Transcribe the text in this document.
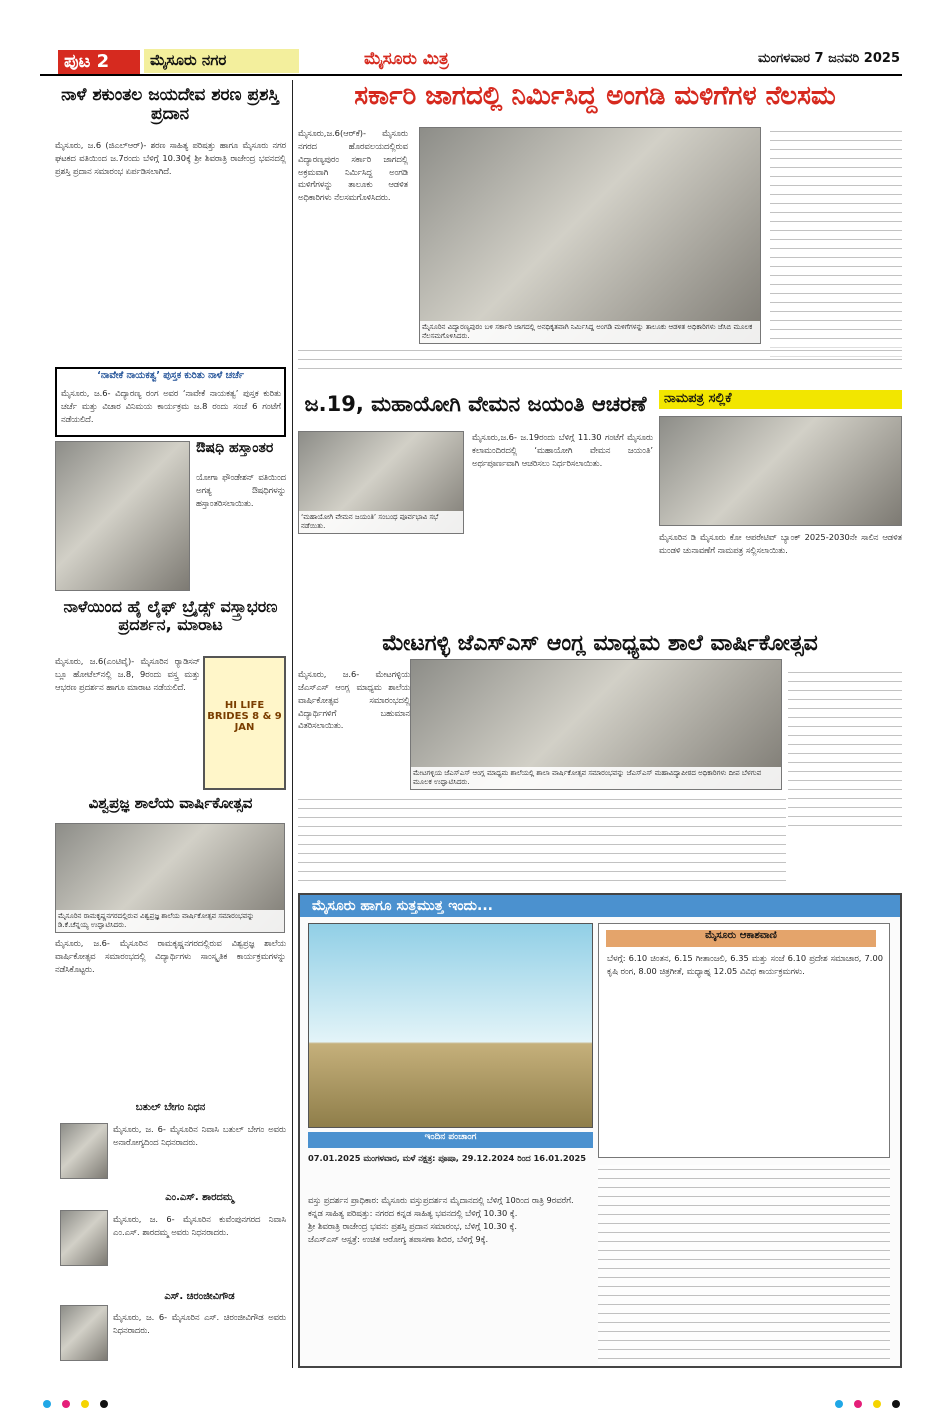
ಪುಟ 2	ಮೈಸೂರು ನಗರ	ಮೈಸೂರು ಮಿತ್ರ	ಮಂಗಳವಾರ 7 ಜನವರಿ 2025
ನಾಳೆ ಶಕುಂತಲ ಜಯದೇವ ಶರಣ ಪ್ರಶಸ್ತಿ ಪ್ರದಾನ
ಮೈಸೂರು, ಜ.6 (ಜಿಎಲ್‌ಆರ್)- ಶರಣ ಸಾಹಿತ್ಯ ಪರಿಷತ್ತು ಹಾಗೂ ಮೈಸೂರು ನಗರ ಘಟಕದ ವತಿಯಿಂದ ಜ.7ರಂದು ಬೆಳಿಗ್ಗೆ 10.30ಕ್ಕೆ ಶ್ರೀ ಶಿವರಾತ್ರಿ ರಾಜೇಂದ್ರ ಭವನದಲ್ಲಿ ಪ್ರಶಸ್ತಿ ಪ್ರದಾನ ಸಮಾರಂಭ ಏರ್ಪಡಿಸಲಾಗಿದೆ.
‘ನಾವೇಕೆ ನಾಯಕತ್ವ’ ಪುಸ್ತಕ ಕುರಿತು ನಾಳೆ ಚರ್ಚೆ
ಮೈಸೂರು, ಜ.6- ವಿದ್ಯಾರಣ್ಯ ರಂಗ ಅವರ ‘ನಾವೇಕೆ ನಾಯಕತ್ವ’ ಪುಸ್ತಕ ಕುರಿತು ಚರ್ಚೆ ಮತ್ತು ವಿಚಾರ ವಿನಿಮಯ ಕಾರ್ಯಕ್ರಮ ಜ.8 ರಂದು ಸಂಜೆ 6 ಗಂಟೆಗೆ ನಡೆಯಲಿದೆ.
ಔಷಧಿ ಹಸ್ತಾಂತರ
ಯೋಗಾ ಫೌಂಡೇಶನ್ ವತಿಯಿಂದ ಅಗತ್ಯ ಔಷಧಿಗಳನ್ನು ಹಸ್ತಾಂತರಿಸಲಾಯಿತು.
ನಾಳೆಯಿಂದ ಹೈ ಲೈಫ್ ಬ್ರೈಡ್ಸ್ ವಸ್ತ್ರಾಭರಣ ಪ್ರದರ್ಶನ, ಮಾರಾಟ
ಮೈಸೂರು, ಜ.6(ಎಂಟಿವೈ)- ಮೈಸೂರಿನ ರ‍್ಯಾಡಿಸನ್ ಬ್ಲೂ ಹೋಟೆಲ್‌ನಲ್ಲಿ ಜ.8, 9ರಂದು ವಸ್ತ್ರ ಮತ್ತು ಆಭರಣ ಪ್ರದರ್ಶನ ಹಾಗೂ ಮಾರಾಟ ನಡೆಯಲಿದೆ.
HI LIFE BRIDES 8 & 9 JAN
ವಿಶ್ವಪ್ರಜ್ಞ ಶಾಲೆಯ ವಾರ್ಷಿಕೋತ್ಸವ
ಮೈಸೂರಿನ ರಾಮಕೃಷ್ಣನಗರದಲ್ಲಿರುವ ವಿಶ್ವಪ್ರಜ್ಞ ಶಾಲೆಯ ವಾರ್ಷಿಕೋತ್ಸವ ಸಮಾರಂಭವನ್ನು ಡಿ.ಕೆ.ಚೆನ್ನಯ್ಯ ಉದ್ಘಾಟಿಸಿದರು.
ಮೈಸೂರು, ಜ.6- ಮೈಸೂರಿನ ರಾಮಕೃಷ್ಣನಗರದಲ್ಲಿರುವ ವಿಶ್ವಪ್ರಜ್ಞ ಶಾಲೆಯ ವಾರ್ಷಿಕೋತ್ಸವ ಸಮಾರಂಭದಲ್ಲಿ ವಿದ್ಯಾರ್ಥಿಗಳು ಸಾಂಸ್ಕೃತಿಕ ಕಾರ್ಯಕ್ರಮಗಳನ್ನು ನಡೆಸಿಕೊಟ್ಟರು.
ಬತುಲ್ ಬೇಗಂ ನಿಧನ
ಮೈಸೂರು, ಜ. 6- ಮೈಸೂರಿನ ನಿವಾಸಿ ಬತುಲ್ ಬೇಗಂ ಅವರು ಅನಾರೋಗ್ಯದಿಂದ ನಿಧನರಾದರು.
ಎಂ.ಎಸ್. ಶಾರದಮ್ಮ
ಮೈಸೂರು, ಜ. 6- ಮೈಸೂರಿನ ಕುವೆಂಪುನಗರದ ನಿವಾಸಿ ಎಂ.ಎಸ್. ಶಾರದಮ್ಮ ಅವರು ನಿಧನರಾದರು.
ಎಸ್. ಚಿರಂಜೀವಿಗೌಡ
ಮೈಸೂರು, ಜ. 6- ಮೈಸೂರಿನ ಎಸ್. ಚಿರಂಜೀವಿಗೌಡ ಅವರು ನಿಧನರಾದರು.
ಸರ್ಕಾರಿ ಜಾಗದಲ್ಲಿ ನಿರ್ಮಿಸಿದ್ದ ಅಂಗಡಿ ಮಳಿಗೆಗಳ ನೆಲಸಮ
ಮೈಸೂರು,ಜ.6(ಆರ್‌ಕೆ)- ಮೈಸೂರು ನಗರದ ಹೊರವಲಯದಲ್ಲಿರುವ ವಿದ್ಯಾರಣ್ಯಪುರಂ ಸರ್ಕಾರಿ ಜಾಗದಲ್ಲಿ ಅಕ್ರಮವಾಗಿ ನಿರ್ಮಿಸಿದ್ದ ಅಂಗಡಿ ಮಳಿಗೆಗಳನ್ನು ತಾಲೂಕು ಆಡಳಿತ ಅಧಿಕಾರಿಗಳು ನೆಲಸಮಗೊಳಿಸಿದರು.
ಮೈಸೂರಿನ ವಿದ್ಯಾರಣ್ಯಪುರಂ ಬಳಿ ಸರ್ಕಾರಿ ಜಾಗದಲ್ಲಿ ಅನಧಿಕೃತವಾಗಿ ನಿರ್ಮಿಸಿದ್ದ ಅಂಗಡಿ ಮಳಿಗೆಗಳನ್ನು ತಾಲೂಕು ಆಡಳಿತ ಅಧಿಕಾರಿಗಳು ಜೆಸಿಬಿ ಮೂಲಕ ನೆಲಸಮಗೊಳಿಸಿದರು.
ಜ.19, ಮಹಾಯೋಗಿ ವೇಮನ ಜಯಂತಿ ಆಚರಣೆ
‘ಮಹಾಯೋಗಿ ವೇಮನ ಜಯಂತಿ’ ಸಂಬಂಧ ಪೂರ್ವಭಾವಿ ಸಭೆ ನಡೆಯಿತು.
ಮೈಸೂರು,ಜ.6- ಜ.19ರಂದು ಬೆಳಿಗ್ಗೆ 11.30 ಗಂಟೆಗೆ ಮೈಸೂರು ಕಲಾಮಂದಿರದಲ್ಲಿ ‘ಮಹಾಯೋಗಿ ವೇಮನ ಜಯಂತಿ’ ಅರ್ಥಪೂರ್ಣವಾಗಿ ಆಚರಿಸಲು ನಿರ್ಧರಿಸಲಾಯಿತು.
ನಾಮಪತ್ರ ಸಲ್ಲಿಕೆ
ಮೈಸೂರಿನ ಡಿ ಮೈಸೂರು ಕೋ ಆಪರೇಟಿವ್ ಬ್ಯಾಂಕ್ 2025-2030ನೇ ಸಾಲಿನ ಆಡಳಿತ ಮಂಡಳಿ ಚುನಾವಣೆಗೆ ನಾಮಪತ್ರ ಸಲ್ಲಿಸಲಾಯಿತು.
ಮೇಟಗಳ್ಳಿ ಜೆಎಸ್‌ಎಸ್ ಆಂಗ್ಲ ಮಾಧ್ಯಮ ಶಾಲೆ ವಾರ್ಷಿಕೋತ್ಸವ
ಮೈಸೂರು, ಜ.6- ಮೇಟಗಳ್ಳಿಯ ಜೆಎಸ್‌ಎಸ್ ಆಂಗ್ಲ ಮಾಧ್ಯಮ ಶಾಲೆಯ ವಾರ್ಷಿಕೋತ್ಸವ ಸಮಾರಂಭದಲ್ಲಿ ವಿದ್ಯಾರ್ಥಿಗಳಿಗೆ ಬಹುಮಾನ ವಿತರಿಸಲಾಯಿತು.
ಮೇಟಗಳ್ಳಿಯ ಜೆಎಸ್‌ಎಸ್ ಆಂಗ್ಲ ಮಾಧ್ಯಮ ಶಾಲೆಯಲ್ಲಿ ಶಾಲಾ ವಾರ್ಷಿಕೋತ್ಸವ ಸಮಾರಂಭವನ್ನು ಜೆಎಸ್‌ಎಸ್ ಮಹಾವಿದ್ಯಾಪೀಠದ ಅಧಿಕಾರಿಗಳು ದೀಪ ಬೆಳಗುವ ಮೂಲಕ ಉದ್ಘಾಟಿಸಿದರು.
ಮೈಸೂರು ಹಾಗೂ ಸುತ್ತಮುತ್ತ ಇಂದು...
ಇಂದಿನ ಪಂಚಾಂಗ
07.01.2025 ಮಂಗಳವಾರ, ಮಳೆ ನಕ್ಷತ್ರ: ಪೂಷಾ, 29.12.2024 ರಿಂದ 16.01.2025
ಮೈಸೂರು ಆಕಾಶವಾಣಿ
ಬೆಳಗ್ಗೆ: 6.10 ಚಿಂತನ, 6.15 ಗೀತಾಂಜಲಿ, 6.35 ಮತ್ತು ಸಂಜೆ 6.10 ಪ್ರದೇಶ ಸಮಾಚಾರ, 7.00 ಕೃಷಿ ರಂಗ, 8.00 ಚಿತ್ರಗೀತೆ, ಮಧ್ಯಾಹ್ನ 12.05 ವಿವಿಧ ಕಾರ್ಯಕ್ರಮಗಳು.
ವಸ್ತು ಪ್ರದರ್ಶನ ಪ್ರಾಧಿಕಾರ: ಮೈಸೂರು ವಸ್ತುಪ್ರದರ್ಶನ ಮೈದಾನದಲ್ಲಿ ಬೆಳಿಗ್ಗೆ 10ರಿಂದ ರಾತ್ರಿ 9ರವರೆಗೆ.
ಕನ್ನಡ ಸಾಹಿತ್ಯ ಪರಿಷತ್ತು: ನಗರದ ಕನ್ನಡ ಸಾಹಿತ್ಯ ಭವನದಲ್ಲಿ ಬೆಳಿಗ್ಗೆ 10.30 ಕ್ಕೆ.
ಶ್ರೀ ಶಿವರಾತ್ರಿ ರಾಜೇಂದ್ರ ಭವನ: ಪ್ರಶಸ್ತಿ ಪ್ರದಾನ ಸಮಾರಂಭ, ಬೆಳಿಗ್ಗೆ 10.30 ಕ್ಕೆ.
ಜೆಎಸ್‌ಎಸ್ ಆಸ್ಪತ್ರೆ: ಉಚಿತ ಆರೋಗ್ಯ ತಪಾಸಣಾ ಶಿಬಿರ, ಬೆಳಿಗ್ಗೆ 9ಕ್ಕೆ.
